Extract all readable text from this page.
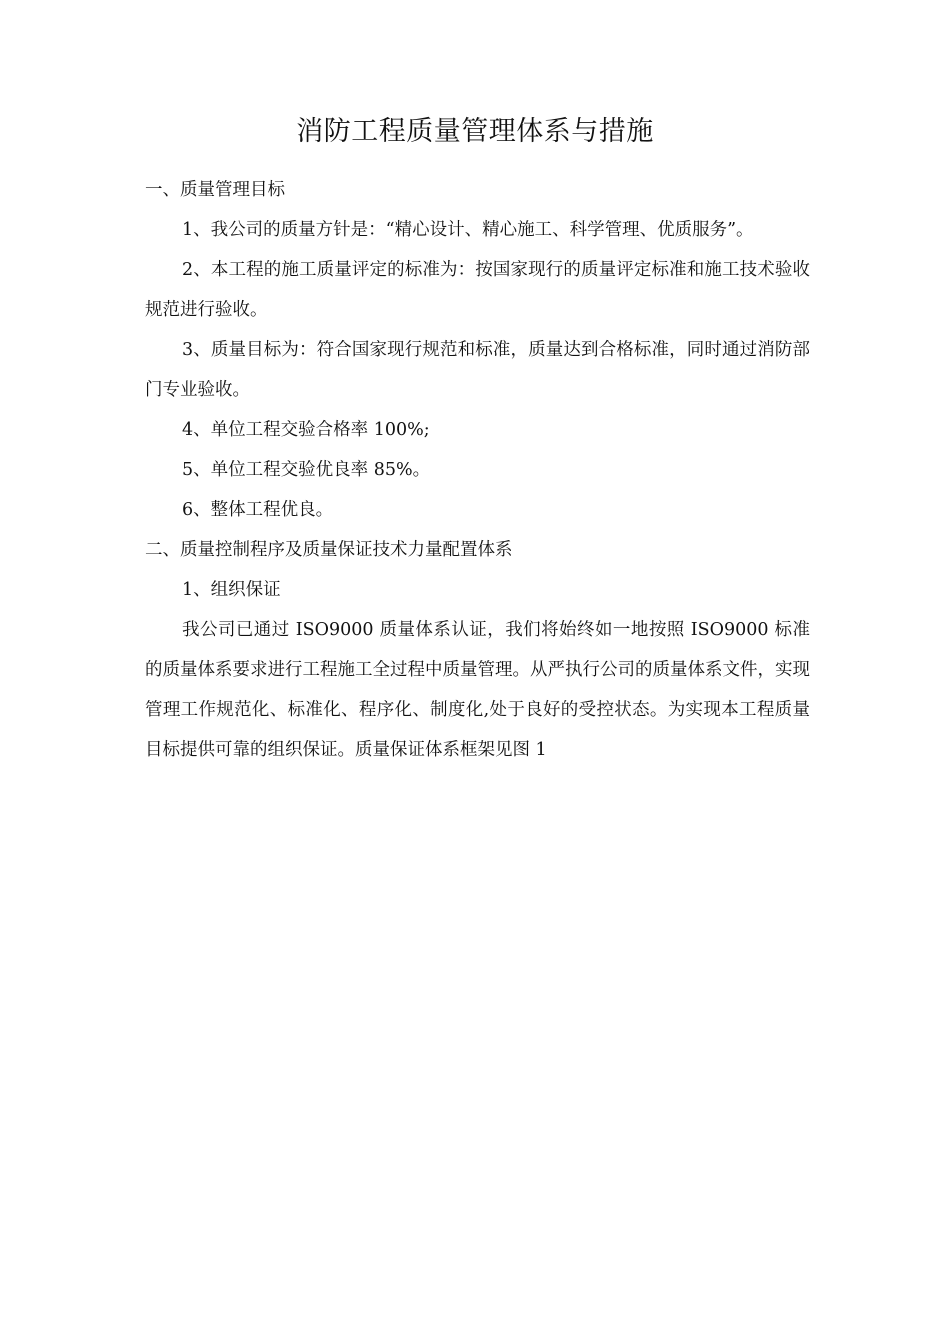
消防工程质量管理体系与措施

一、质量管理目标

1、我公司的质量方针是：“精心设计、精心施工、科学管理、优质服务”。

2、本工程的施工质量评定的标准为：按国家现行的质量评定标准和施工技术验收规范进行验收。

3、质量目标为：符合国家现行规范和标准，质量达到合格标准，同时通过消防部门专业验收。

4、单位工程交验合格率 100%;

5、单位工程交验优良率 85%。

6、整体工程优良。

二、质量控制程序及质量保证技术力量配置体系

1、组织保证

我公司已通过 ISO9000 质量体系认证，我们将始终如一地按照 ISO9000 标准的质量体系要求进行工程施工全过程中质量管理。从严执行公司的质量体系文件，实现管理工作规范化、标准化、程序化、制度化,处于良好的受控状态。为实现本工程质量目标提供可靠的组织保证。质量保证体系框架见图 1
